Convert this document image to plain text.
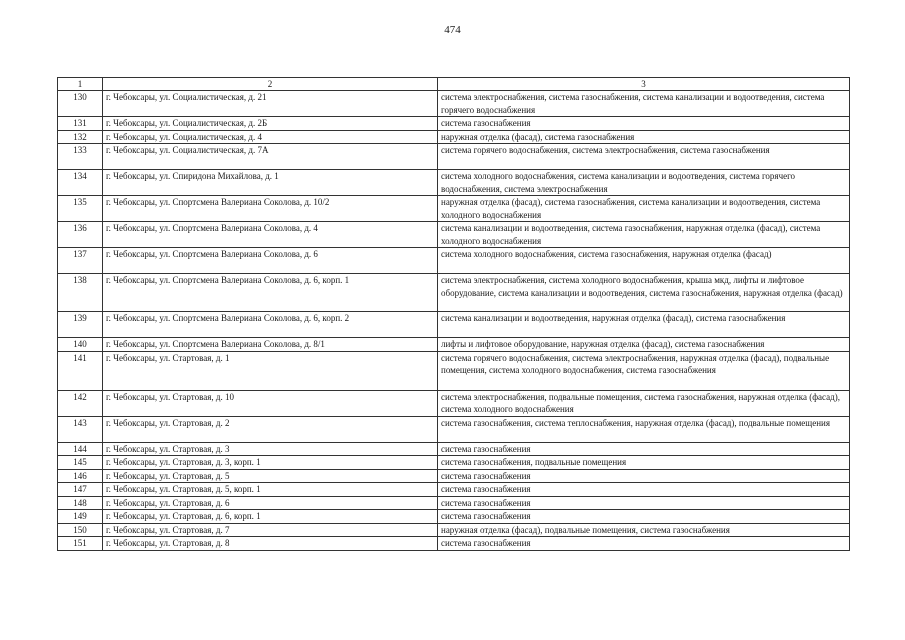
474
1	2	3
130	г. Чебоксары, ул. Социалистическая, д. 21	система электроснабжения, система газоснабжения, система канализации и водоотведения, система горячего водоснабжения
131	г. Чебоксары, ул. Социалистическая, д. 2Б	система газоснабжения
132	г. Чебоксары, ул. Социалистическая, д. 4	наружная отделка (фасад), система газоснабжения
133	г. Чебоксары, ул. Социалистическая, д. 7А	система горячего водоснабжения, система электроснабжения, система газоснабжения
134	г. Чебоксары, ул. Спиридона Михайлова, д. 1	система холодного водоснабжения, система канализации и водоотведения, система горячего водоснабжения, система электроснабжения
135	г. Чебоксары, ул. Спортсмена Валериана Соколова, д. 10/2	наружная отделка (фасад), система газоснабжения, система канализации и водоотведения, система холодного водоснабжения
136	г. Чебоксары, ул. Спортсмена Валериана Соколова, д. 4	система канализации и водоотведения, система газоснабжения, наружная отделка (фасад), система холодного водоснабжения
137	г. Чебоксары, ул. Спортсмена Валериана Соколова, д. 6	система холодного водоснабжения, система газоснабжения, наружная отделка (фасад)
138	г. Чебоксары, ул. Спортсмена Валериана Соколова, д. 6, корп. 1	система электроснабжения, система холодного водоснабжения, крыша мкд, лифты и лифтовое оборудование, система канализации и водоотведения, система газоснабжения, наружная отделка (фасад)
139	г. Чебоксары, ул. Спортсмена Валериана Соколова, д. 6, корп. 2	система канализации и водоотведения, наружная отделка (фасад), система газоснабжения
140	г. Чебоксары, ул. Спортсмена Валериана Соколова, д. 8/1	лифты и лифтовое оборудование, наружная отделка (фасад), система газоснабжения
141	г. Чебоксары, ул. Стартовая, д. 1	система горячего водоснабжения, система электроснабжения, наружная отделка (фасад), подвальные помещения, система холодного водоснабжения, система газоснабжения
142	г. Чебоксары, ул. Стартовая, д. 10	система электроснабжения, подвальные помещения, система газоснабжения, наружная отделка (фасад), система холодного водоснабжения
143	г. Чебоксары, ул. Стартовая, д. 2	система газоснабжения, система теплоснабжения, наружная отделка (фасад), подвальные помещения
144	г. Чебоксары, ул. Стартовая, д. 3	система газоснабжения
145	г. Чебоксары, ул. Стартовая, д. 3, корп. 1	система газоснабжения, подвальные помещения
146	г. Чебоксары, ул. Стартовая, д. 5	система газоснабжения
147	г. Чебоксары, ул. Стартовая, д. 5, корп. 1	система газоснабжения
148	г. Чебоксары, ул. Стартовая, д. 6	система газоснабжения
149	г. Чебоксары, ул. Стартовая, д. 6, корп. 1	система газоснабжения
150	г. Чебоксары, ул. Стартовая, д. 7	наружная отделка (фасад), подвальные помещения, система газоснабжения
151	г. Чебоксары, ул. Стартовая, д. 8	система газоснабжения
